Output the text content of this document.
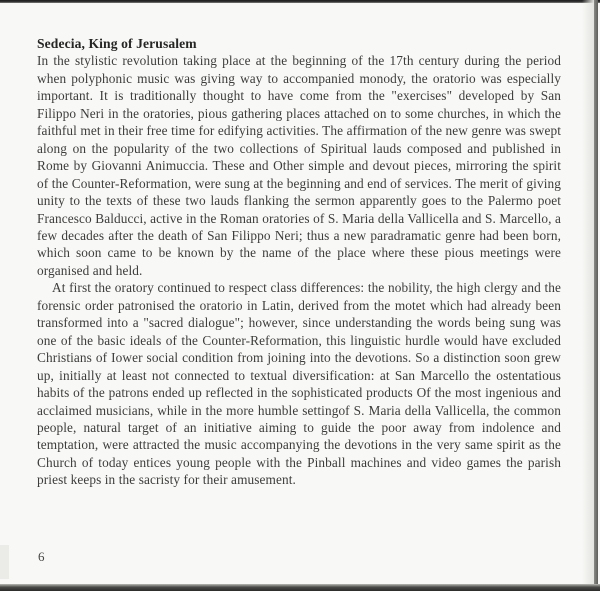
Sedecia, King of Jerusalem

In the stylistic revolution taking place at the beginning of the 17th century during the period when polyphonic music was giving way to accompanied monody, the oratorio was especially important. It is traditionally thought to have come from the "exercises" developed by San Filippo Neri in the oratories, pious gathering places attached on to some churches, in which the faithful met in their free time for edifying activities. The affirmation of the new genre was swept along on the popularity of the two collections of Spiritual lauds composed and published in Rome by Giovanni Animuccia. These and Other simple and devout pieces, mirroring the spirit of the Counter-Reformation, were sung at the beginning and end of services. The merit of giving unity to the texts of these two lauds flanking the sermon apparently goes to the Palermo poet Francesco Balducci, active in the Roman oratories of S. Maria della Vallicella and S. Marcello, a few decades after the death of San Filippo Neri; thus a new paradramatic genre had been born, which soon came to be known by the name of the place where these pious meetings were organised and held.

At first the oratory continued to respect class differences: the nobility, the high clergy and the forensic order patronised the oratorio in Latin, derived from the motet which had already been transformed into a "sacred dialogue"; however, since understanding the words being sung was one of the basic ideals of the Counter-Reformation, this linguistic hurdle would have excluded Christians of Iower social condition from joining into the devotions. So a distinction soon grew up, initially at least not connected to textual diversification: at San Marcello the ostentatious habits of the patrons ended up reflected in the sophisticated products Of the most ingenious and acclaimed musicians, while in the more humble settingof S. Maria della Vallicella, the common people, natural target of an initiative aiming to guide the poor away from indolence and temptation, were attracted the music accompanying the devotions in the very same spirit as the Church of today entices young people with the Pinball machines and video games the parish priest keeps in the sacristy for their amusement.

6
